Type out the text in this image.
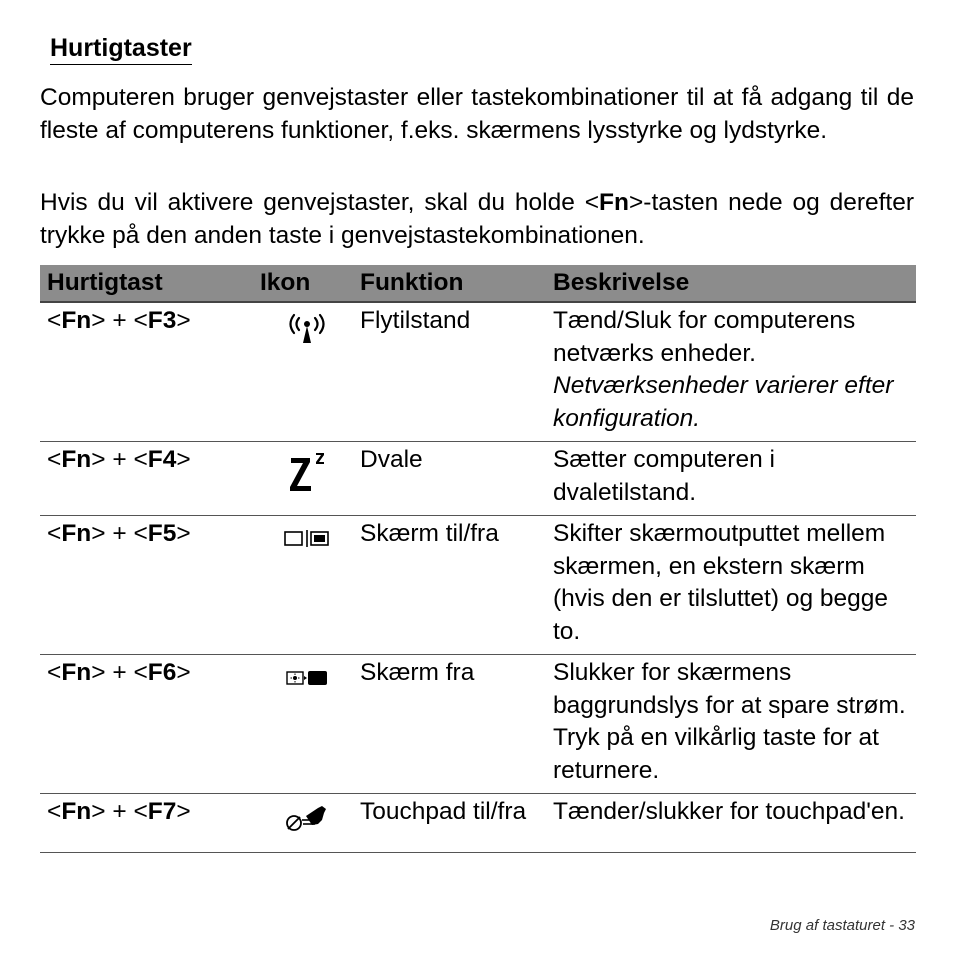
Hurtigtaster

Computeren bruger genvejstaster eller tastekombinationer til at få adgang til de fleste af computerens funktioner, f.eks. skærmens lysstyrke og lydstyrke.

Hvis du vil aktivere genvejstaster, skal du holde <Fn>-tasten nede og derefter trykke på den anden taste i genvejstastekombinationen.

Hurtigtast	Ikon	Funktion	Beskrivelse
<Fn> + <F3>		Flytilstand	Tænd/Sluk for computerens netværks enheder.
Netværksenheder varierer efter konfiguration.
<Fn> + <F4>		Dvale	Sætter computeren i dvaletilstand.
<Fn> + <F5>		Skærm til/fra	Skifter skærmoutputtet mellem skærmen, en ekstern skærm (hvis den er tilsluttet) og begge to.
<Fn> + <F6>		Skærm fra	Slukker for skærmens baggrundslys for at spare strøm. Tryk på en vilkårlig taste for at returnere.
<Fn> + <F7>		Touchpad til/fra	Tænder/slukker for touchpad'en.
Brug af tastaturet - 33
